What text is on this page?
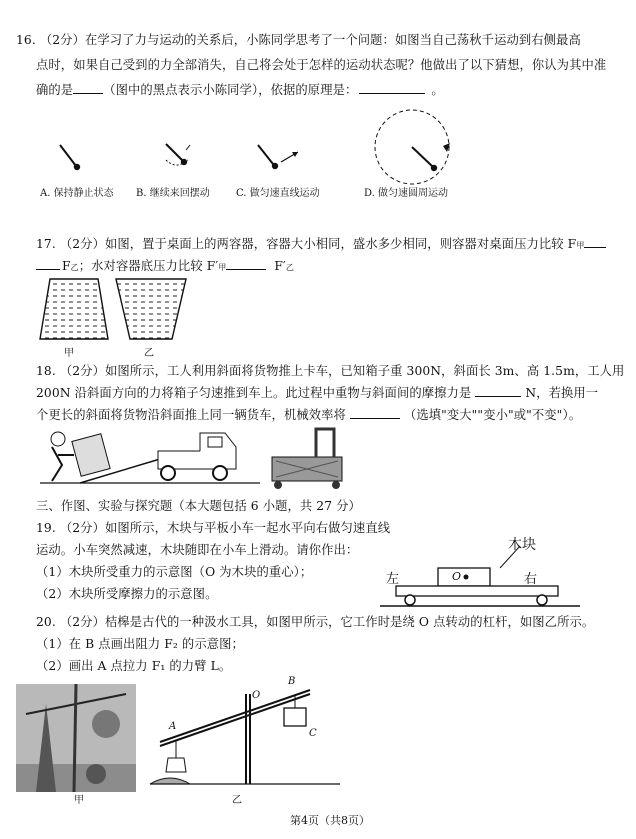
16. （2分）在学习了力与运动的关系后，小陈同学思考了一个问题：如图当自己荡秋千运动到右侧最高
点时，如果自己受到的力全部消失，自己将会处于怎样的运动状态呢？他做出了以下猜想，你认为其中准
确的是 （图中的黑点表示小陈同学），依据的原理是：	。
A. 保持静止状态 B. 继续来回摆动	C. 做匀速直线运动	D. 做匀速圆周运动
17. （2分）如图，置于桌面上的两容器，容器大小相同，盛水多少相同，则容器对桌面压力比较 F甲
F乙；水对容器底压力比较 F′甲	F′乙
甲	乙
18. （2分）如图所示，工人利用斜面将货物推上卡车，已知箱子重 300N，斜面长 3m、高 1.5m，工人用
200N 沿斜面方向的力将箱子匀速推到车上。此过程中重物与斜面间的摩擦力是	N，若换用一
个更长的斜面将货物沿斜面推上同一辆货车，机械效率将	（选填"变大""变小"或"不变"）。
三、作图、实验与探究题（本大题包括 6 小题，共 27 分）
19. （2分）如图所示，木块与平板小车一起水平向右做匀速直线
运动。小车突然减速，木块随即在小车上滑动。请你作出：
（1）木块所受重力的示意图（O 为木块的重心）；
（2）木块所受摩擦力的示意图。
木块
左	右
O
20. （2分）桔槔是古代的一种汲水工具，如图甲所示，它工作时是绕 O 点转动的杠杆，如图乙所示。
（1）在 B 点画出阻力 F₂ 的示意图；
（2）画出 A 点拉力 F₁ 的力臂 L。
甲
A
O
B
C
乙
第4页（共8页）
